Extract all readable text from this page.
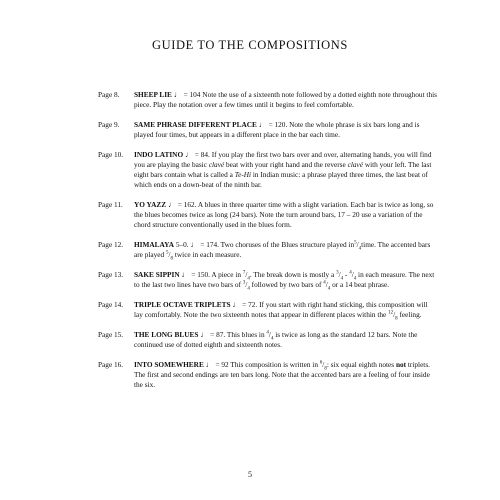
GUIDE TO THE COMPOSITIONS
Page 8.	SHEEP LIE ♩ = 104 Note the use of a sixteenth note followed by a dotted eighth note throughout this piece. Play the notation over a few times until it begins to feel comfortable.
Page 9.	SAME PHRASE DIFFERENT PLACE ♩ = 120. Note the whole phrase is six bars long and is played four times, but appears in a different place in the bar each time.
Page 10.	INDO LATINO ♩ = 84. If you play the first two bars over and over, alternating hands, you will find you are playing the basic clavé beat with your right hand and the reverse clavé with your left. The last eight bars contain what is called a Te-Hi in Indian music: a phrase played three times, the last beat of which ends on a down-beat of the ninth bar.
Page 11.	YO YAZZ ♩ = 162. A blues in three quarter time with a slight variation. Each bar is twice as long, so the blues becomes twice as long (24 bars). Note the turn around bars, 17 – 20 use a variation of the chord structure conventionally used in the blues form.
Page 12.	HIMALAYA 5–0. ♩ = 174. Two choruses of the Blues structure played $in^5/_4time$. The accented bars are played $^5/_8$ twice in each measure.
Page 13.	SAKE SIPPIN ♩ = 150. A piece in $^7/_4$. The break down is mostly a $^3/_4 - ^4/_4$ in each measure. The next to the last two lines have two bars of $^3/_4$ followed by two bars of $^4/_4$ or a 14 beat phrase.
Page 14.	TRIPLE OCTAVE TRIPLETS ♩ = 72. If you start with right hand sticking, this composition will lay comfortably. Note the two sixteenth notes that appear in different places within the $^{12}/_8$ feeling.
Page 15.	THE LONG BLUES ♩ = 87. This blues in $^4/_4$ is twice as long as the standard 12 bars. Note the continued use of dotted eighth and sixteenth notes.
Page 16.	INTO SOMEWHERE ♩ = 92 This composition is written in $^6/_8$: six equal eighth notes not triplets. The first and second endings are ten bars long. Note that the accented bars are a feeling of four inside the six.
5
